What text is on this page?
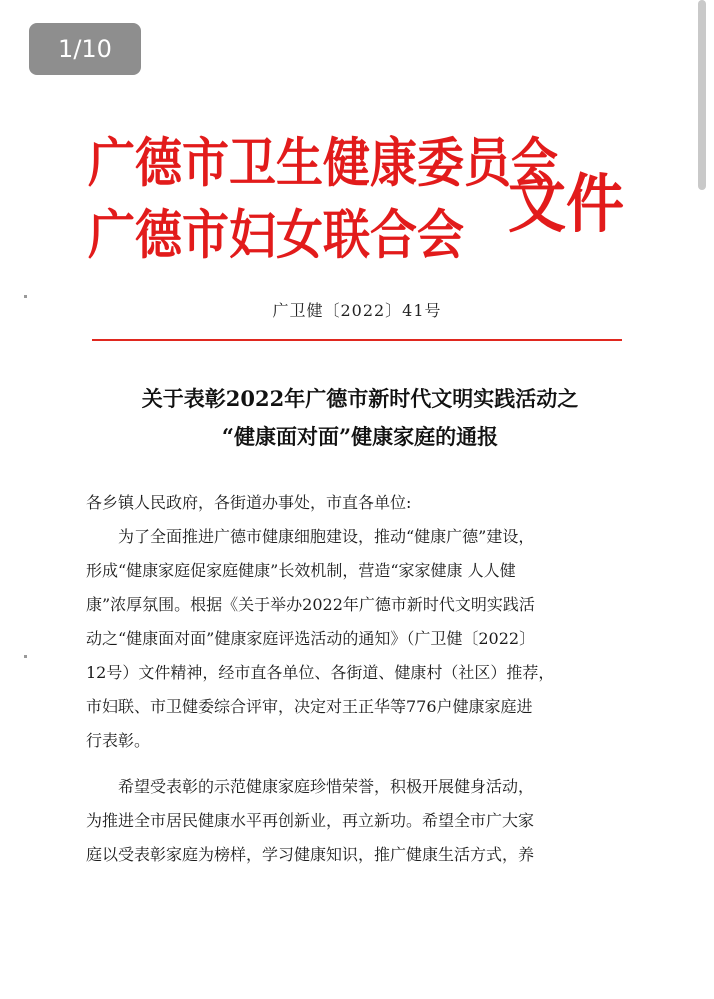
1/10
广德市卫生健康委员会
广德市妇女联合会 文件
广卫健〔2022〕41号
关于表彰2022年广德市新时代文明实践活动之
“健康面对面”健康家庭的通报
各乡镇人民政府，各街道办事处，市直各单位:
为了全面推进广德市健康细胞建设，推动“健康广德”建设，
形成“健康家庭促家庭健康”长效机制，营造“家家健康 人人健
康”浓厚氛围。根据《关于举办2022年广德市新时代文明实践活
动之“健康面对面”健康家庭评选活动的通知》（广卫健〔2022〕
12号）文件精神，经市直各单位、各街道、健康村（社区）推荐，
市妇联、市卫健委综合评审，决定对王正华等776户健康家庭进
行表彰。
希望受表彰的示范健康家庭珍惜荣誉，积极开展健身活动，
为推进全市居民健康水平再创新业，再立新功。希望全市广大家
庭以受表彰家庭为榜样，学习健康知识，推广健康生活方式，养
